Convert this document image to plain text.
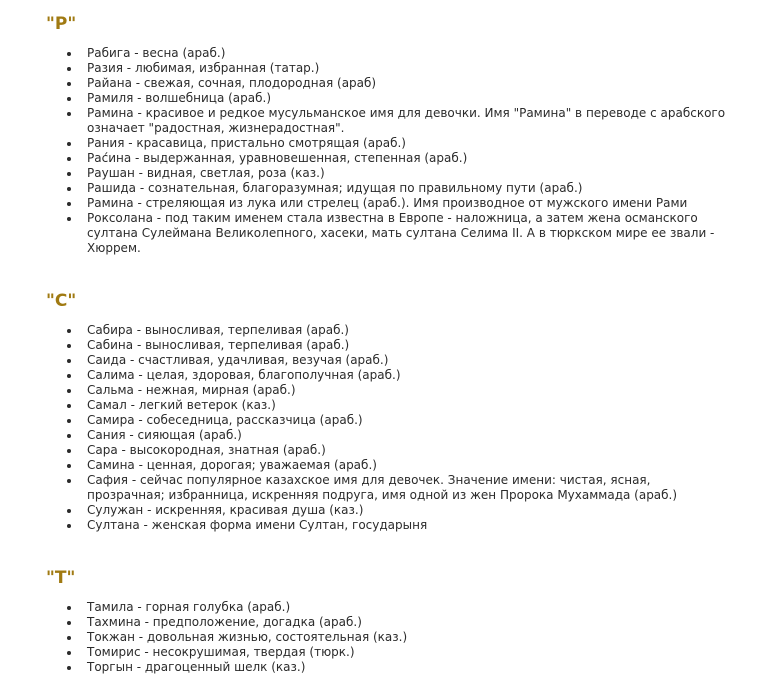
"Р"
Рабига - весна (араб.)
Разия - любимая, избранная (татар.)
Райана - свежая, сочная, плодородная (араб)
Рамиля - волшебница (араб.)
Рамина - красивое и редкое мусульманское имя для девочки. Имя "Рамина" в переводе с арабского означает "радостная, жизнерадостная".
Рания - красавица, пристально смотрящая (араб.)
Рас́ина - выдержанная, уравновешенная, степенная (араб.)
Раушан - видная, светлая, роза (каз.)
Рашида - сознательная, благоразумная; идущая по правильному пути (араб.)
Рамина - стреляющая из лука или стрелец (араб.). Имя производное от мужского имени Рами
Роксолана - под таким именем стала известна в Европе - наложница, а затем жена османского султана Сулеймана Великолепного, хасеки, мать султана Селима II. А в тюркском мире ее звали - Хюррем.
"С"
Сабира - выносливая, терпеливая (араб.)
Сабина - выносливая, терпеливая (араб.)
Саида - счастливая, удачливая, везучая (араб.)
Салима - целая, здоровая, благополучная (араб.)
Сальма - нежная, мирная (араб.)
Самал - легкий ветерок (каз.)
Самира - собеседница, рассказчица (араб.)
Сания - сияющая (араб.)
Сара - высокородная, знатная (араб.)
Самина - ценная, дорогая; уважаемая (араб.)
Сафия - сейчас популярное казахское имя для девочек. Значение имени: чистая, ясная, прозрачная; избранница, искренняя подруга, имя одной из жен Пророка Мухаммада (араб.)
Сулужан - искренняя, красивая душа (каз.)
Султана - женская форма имени Султан, государыня
"Т"
Тамила - горная голубка (араб.)
Тахмина - предположение, догадка (араб.)
Токжан - довольная жизнью, состоятельная (каз.)
Томирис - несокрушимая, твердая (тюрк.)
Торгын - драгоценный шелк (каз.)
